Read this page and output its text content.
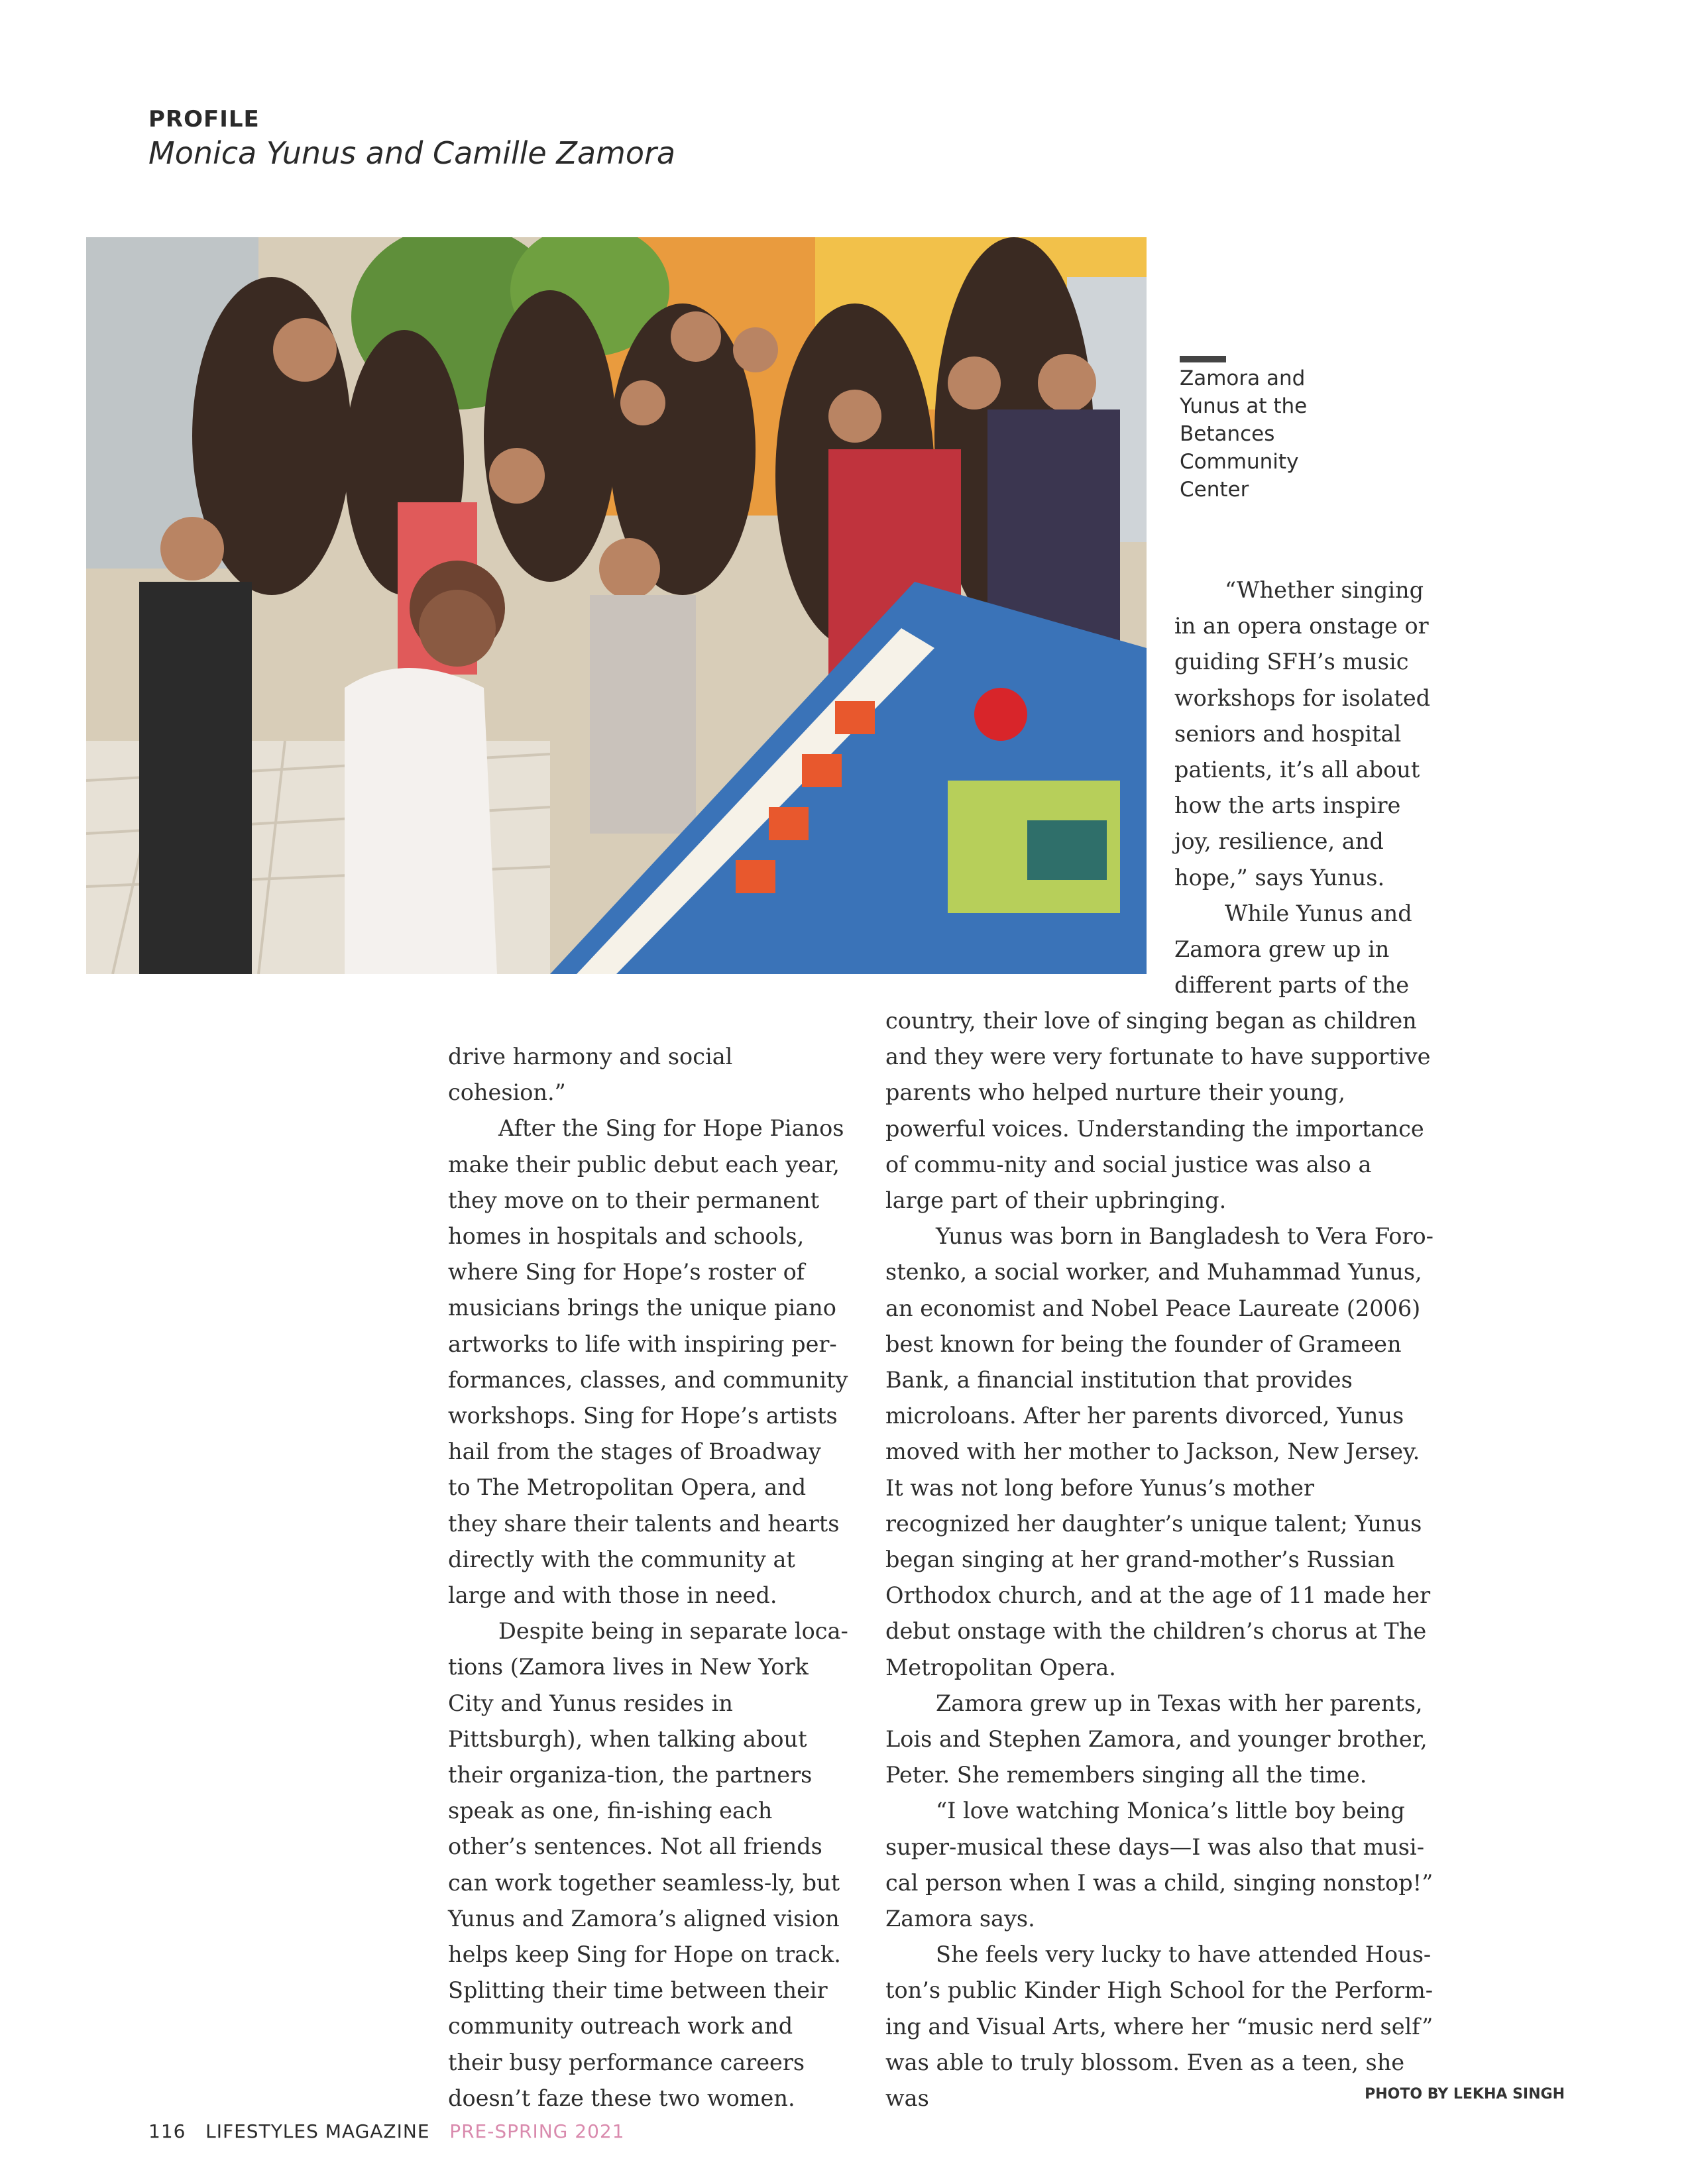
PROFILE
Monica Yunus and Camille Zamora
Zamora and Yunus at the Betances Community Center

“Whether singing in an opera onstage or guiding SFH’s music workshops for isolated seniors and hospital patients, it’s all about how the arts inspire joy, resilience, and hope,” says Yunus.

While Yunus and Zamora grew up in different parts of the

drive harmony and social cohesion.”

After the Sing for Hope Pianos make their public debut each year, they move on to their permanent homes in hospitals and schools, where Sing for Hope’s roster of musicians brings the unique piano artworks to life with inspiring per-formances, classes, and community workshops. Sing for Hope’s artists hail from the stages of Broadway to The Metropolitan Opera, and they share their talents and hearts directly with the community at large and with those in need.

Despite being in separate loca-tions (Zamora lives in New York City and Yunus resides in Pittsburgh), when talking about their organiza-tion, the partners speak as one, fin-ishing each other’s sentences. Not all friends can work together seamless-ly, but Yunus and Zamora’s aligned vision helps keep Sing for Hope on track. Splitting their time between their community outreach work and their busy performance careers doesn’t faze these two women.

country, their love of singing began as children and they were very fortunate to have supportive parents who helped nurture their young, powerful voices. Understanding the importance of commu-nity and social justice was also a large part of their upbringing.

Yunus was born in Bangladesh to Vera Foro-stenko, a social worker, and Muhammad Yunus, an economist and Nobel Peace Laureate (2006) best known for being the founder of Grameen Bank, a financial institution that provides microloans. After her parents divorced, Yunus moved with her mother to Jackson, New Jersey. It was not long before Yunus’s mother recognized her daughter’s unique talent; Yunus began singing at her grand-mother’s Russian Orthodox church, and at the age of 11 made her debut onstage with the children’s chorus at The Metropolitan Opera.

Zamora grew up in Texas with her parents, Lois and Stephen Zamora, and younger brother, Peter. She remembers singing all the time.

“I love watching Monica’s little boy being super-musical these days—I was also that musi-cal person when I was a child, singing nonstop!” Zamora says.

She feels very lucky to have attended Hous-ton’s public Kinder High School for the Perform-ing and Visual Arts, where her “music nerd self” was able to truly blossom. Even as a teen, she was	PHOTO BY LEKHA SINGH
116 LIFESTYLES MAGAZINE PRE-SPRING 2021
